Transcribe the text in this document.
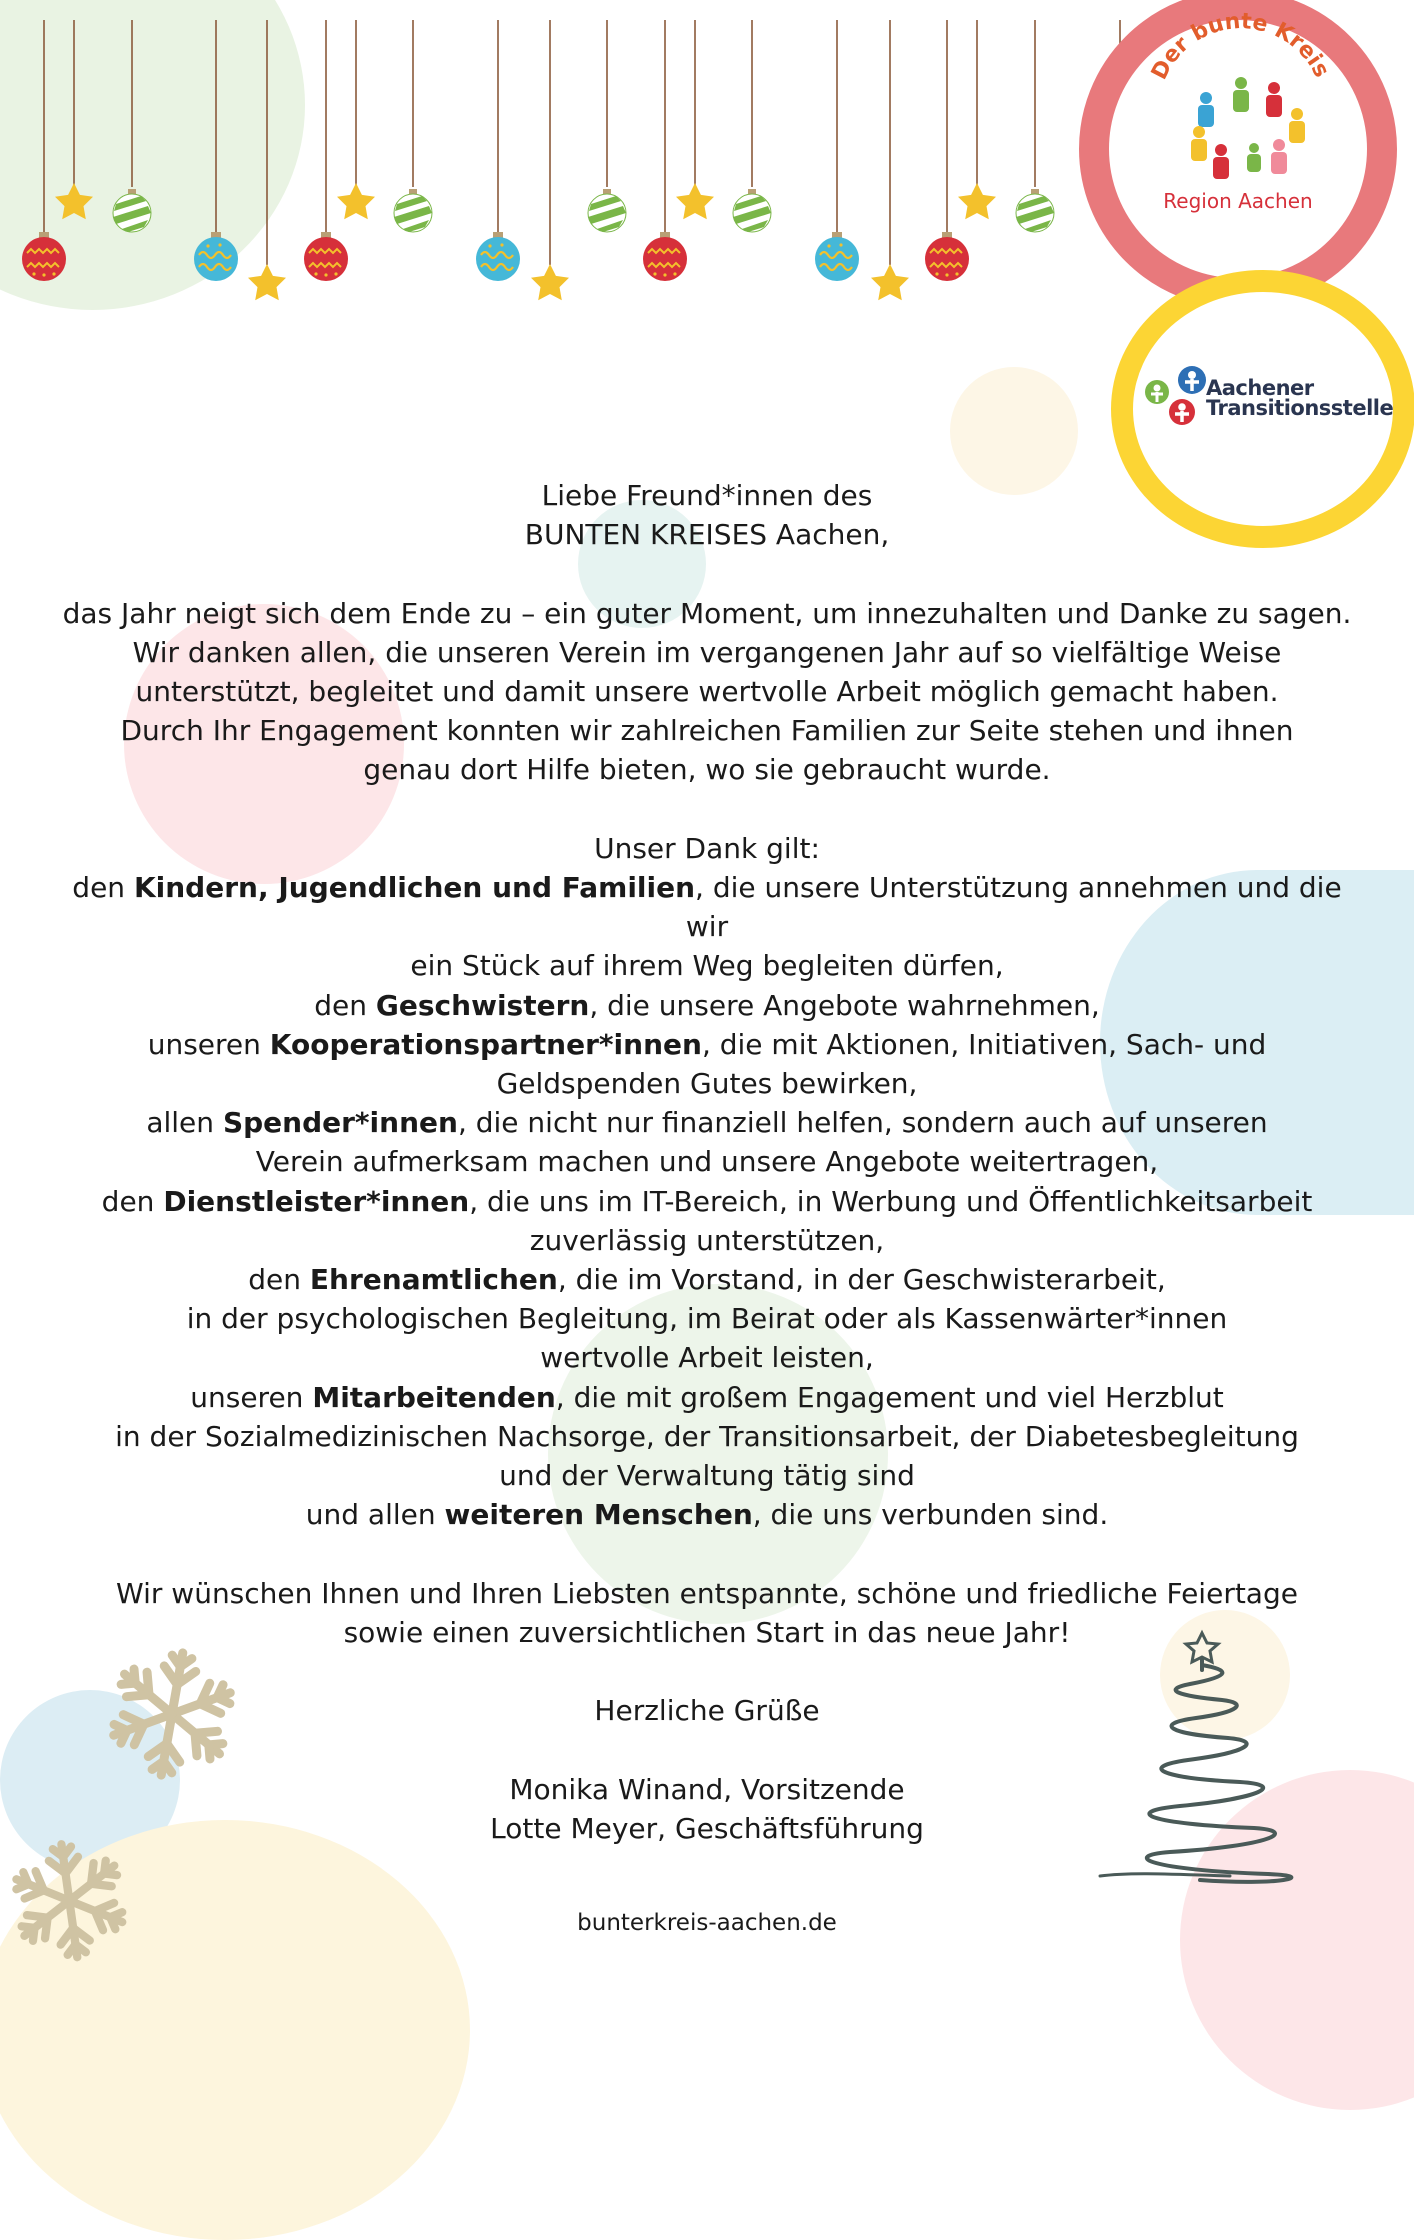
Der bunte Kreis
Region Aachen
Aachener
Transitionsstelle

Liebe Freund*innen des

BUNTEN KREISES Aachen,

das Jahr neigt sich dem Ende zu – ein guter Moment, um innezuhalten und Danke zu sagen.

Wir danken allen, die unseren Verein im vergangenen Jahr auf so vielfältige Weise

unterstützt, begleitet und damit unsere wertvolle Arbeit möglich gemacht haben.

Durch Ihr Engagement konnten wir zahlreichen Familien zur Seite stehen und ihnen

genau dort Hilfe bieten, wo sie gebraucht wurde.

Unser Dank gilt:

den Kindern, Jugendlichen und Familien, die unsere Unterstützung annehmen und die wir

ein Stück auf ihrem Weg begleiten dürfen,

den Geschwistern, die unsere Angebote wahrnehmen,

unseren Kooperationspartner*innen, die mit Aktionen, Initiativen, Sach- und

Geldspenden Gutes bewirken,

allen Spender*innen, die nicht nur finanziell helfen, sondern auch auf unseren

Verein aufmerksam machen und unsere Angebote weitertragen,

den Dienstleister*innen, die uns im IT-Bereich, in Werbung und Öffentlichkeitsarbeit

zuverlässig unterstützen,

den Ehrenamtlichen, die im Vorstand, in der Geschwisterarbeit,

in der psychologischen Begleitung, im Beirat oder als Kassenwärter*innen

wertvolle Arbeit leisten,

unseren Mitarbeitenden, die mit großem Engagement und viel Herzblut

in der Sozialmedizinischen Nachsorge, der Transitionsarbeit, der Diabetesbegleitung

und der Verwaltung tätig sind

und allen weiteren Menschen, die uns verbunden sind.

Wir wünschen Ihnen und Ihren Liebsten entspannte, schöne und friedliche Feiertage

sowie einen zuversichtlichen Start in das neue Jahr!

Herzliche Grüße

Monika Winand, Vorsitzende

Lotte Meyer, Geschäftsführung

bunterkreis-aachen.de
